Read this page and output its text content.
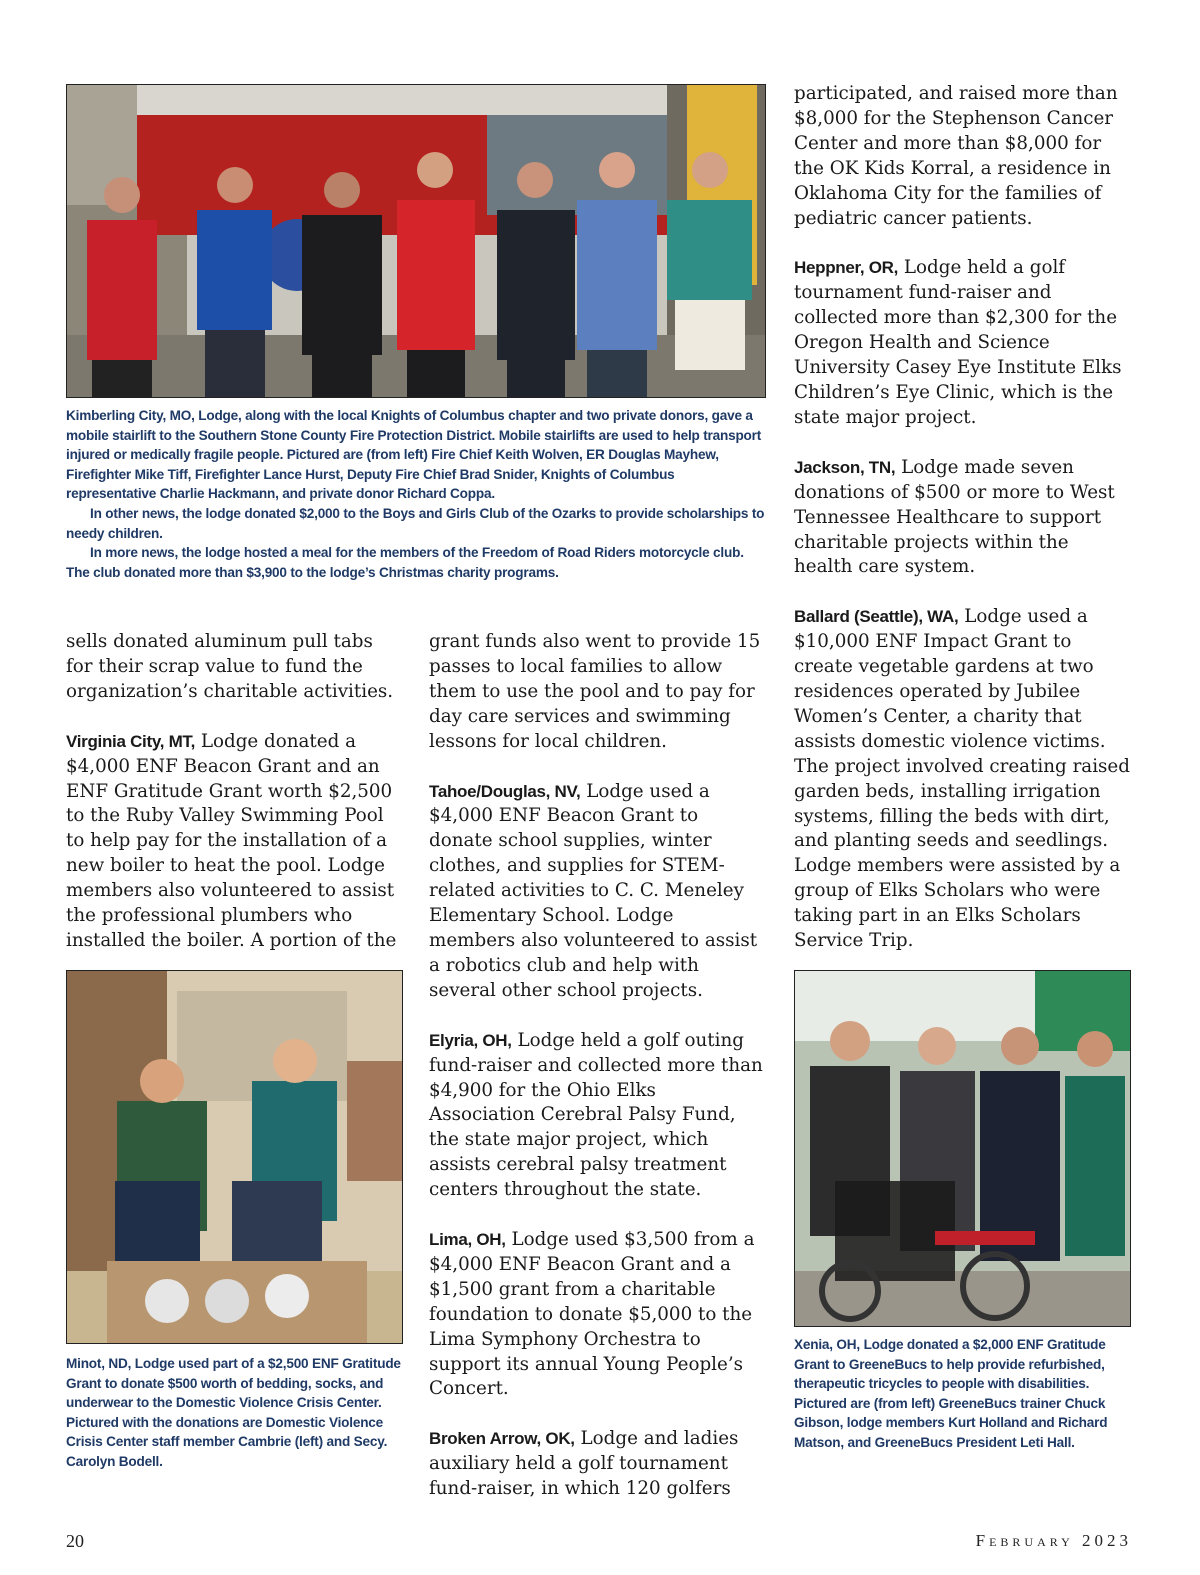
Kimberling City, MO, Lodge, along with the local Knights of Columbus chapter and two private donors, gave a mobile stairlift to the Southern Stone County Fire Protection District. Mobile stairlifts are used to help transport injured or medically fragile people. Pictured are (from left) Fire Chief Keith Wolven, ER Douglas Mayhew, Firefighter Mike Tiff, Firefighter Lance Hurst, Deputy Fire Chief Brad Snider, Knights of Columbus representative Charlie Hackmann, and private donor Richard Coppa.

In other news, the lodge donated $2,000 to the Boys and Girls Club of the Ozarks to provide scholarships to needy children.

In more news, the lodge hosted a meal for the members of the Freedom of Road Riders motorcycle club. The club donated more than $3,900 to the lodge’s Christmas charity programs.

sells donated aluminum pull tabs for their scrap value to fund the organization’s charitable activities.

Virginia City, MT, Lodge donated a $4,000 ENF Beacon Grant and an ENF Gratitude Grant worth $2,500 to the Ruby Valley Swimming Pool to help pay for the installation of a new boiler to heat the pool. Lodge members also volunteered to assist the professional plumbers who installed the boiler. A portion of the

Minot, ND, Lodge used part of a $2,500 ENF Gratitude Grant to donate $500 worth of bedding, socks, and underwear to the Domestic Violence Crisis Center. Pictured with the donations are Domestic Violence Crisis Center staff member Cambrie (left) and Secy. Carolyn Bodell.

grant funds also went to provide 15 passes to local families to allow them to use the pool and to pay for day care services and swimming lessons for local children.

Tahoe/Douglas, NV, Lodge used a $4,000 ENF Beacon Grant to donate school supplies, winter clothes, and supplies for STEM-related activities to C. C. Meneley Elementary School. Lodge members also volunteered to assist a robotics club and help with several other school projects.

Elyria, OH, Lodge held a golf outing fund-raiser and collected more than $4,900 for the Ohio Elks Association Cerebral Palsy Fund, the state major project, which assists cerebral palsy treatment centers throughout the state.

Lima, OH, Lodge used $3,500 from a $4,000 ENF Beacon Grant and a $1,500 grant from a charitable foundation to donate $5,000 to the Lima Symphony Orchestra to support its annual Young People’s Concert.

Broken Arrow, OK, Lodge and ladies auxiliary held a golf tournament fund-raiser, in which 120 golfers

participated, and raised more than $8,000 for the Stephenson Cancer Center and more than $8,000 for the OK Kids Korral, a residence in Oklahoma City for the families of pediatric cancer patients.

Heppner, OR, Lodge held a golf tournament fund-raiser and collected more than $2,300 for the Oregon Health and Science University Casey Eye Institute Elks Children’s Eye Clinic, which is the state major project.

Jackson, TN, Lodge made seven donations of $500 or more to West Tennessee Healthcare to support charitable projects within the health care system.

Ballard (Seattle), WA, Lodge used a $10,000 ENF Impact Grant to create vegetable gardens at two residences operated by Jubilee Women’s Center, a charity that assists domestic violence victims. The project involved creating raised garden beds, installing irrigation systems, filling the beds with dirt, and planting seeds and seedlings. Lodge members were assisted by a group of Elks Scholars who were taking part in an Elks Scholars Service Trip.

Xenia, OH, Lodge donated a $2,000 ENF Gratitude Grant to GreeneBucs to help provide refurbished, therapeutic tricycles to people with disabilities. Pictured are (from left) GreeneBucs trainer Chuck Gibson, lodge members Kurt Holland and Richard Matson, and GreeneBucs President Leti Hall.

20	February 2023
